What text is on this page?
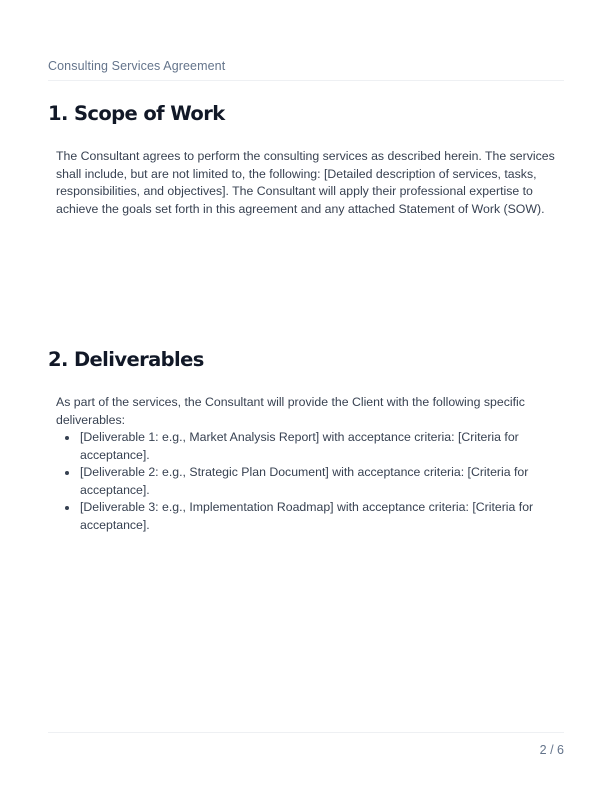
Consulting Services Agreement
1. Scope of Work

The Consultant agrees to perform the consulting services as described herein. The services shall include, but are not limited to, the following: [Detailed description of services, tasks, responsibilities, and objectives]. The Consultant will apply their professional expertise to achieve the goals set forth in this agreement and any attached Statement of Work (SOW).

2. Deliverables

As part of the services, the Consultant will provide the Client with the following specific deliverables:

[Deliverable 1: e.g., Market Analysis Report] with acceptance criteria: [Criteria for acceptance].
[Deliverable 2: e.g., Strategic Plan Document] with acceptance criteria: [Criteria for acceptance].
[Deliverable 3: e.g., Implementation Roadmap] with acceptance criteria: [Criteria for acceptance].
2 / 6
